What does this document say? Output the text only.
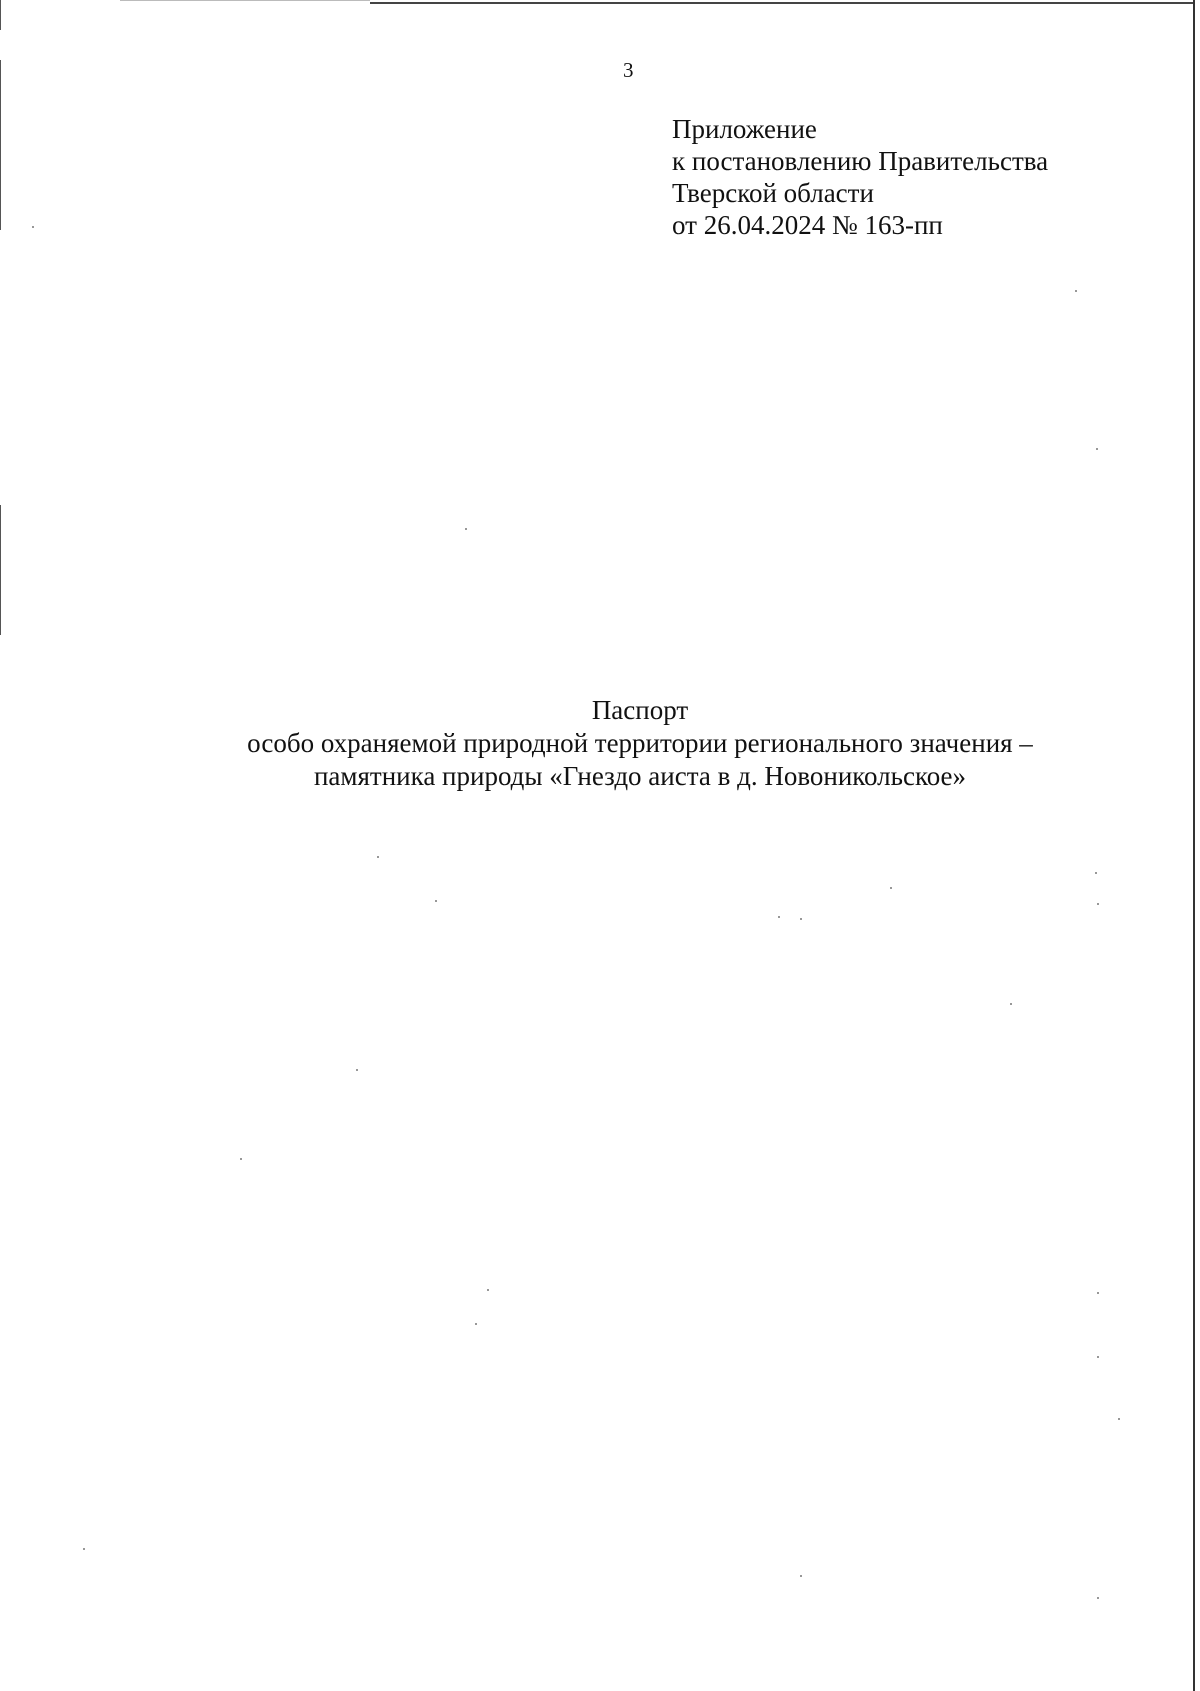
3
Приложение
к постановлению Правительства
Тверской области
от 26.04.2024 № 163-пп
Паспорт
особо охраняемой природной территории регионального значения –
памятника природы «Гнездо аиста в д. Новоникольское»
